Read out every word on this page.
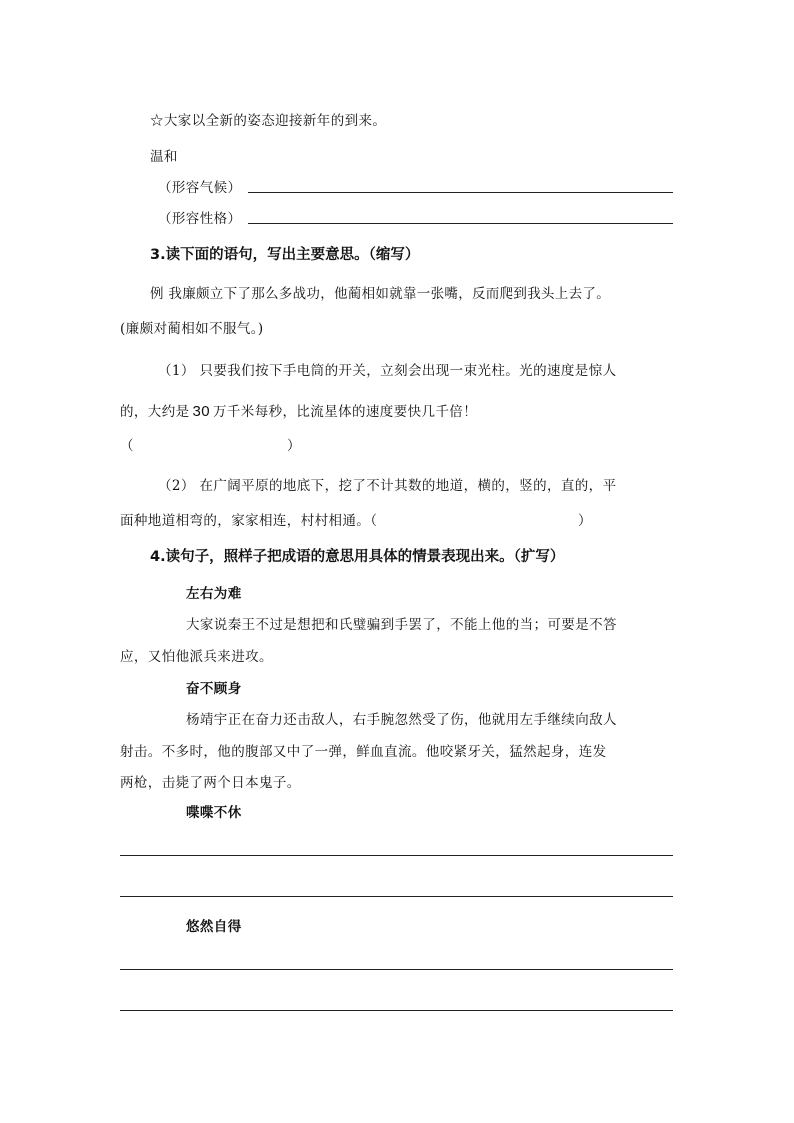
☆大家以全新的姿态迎接新年的到来。
温和
（形容气候）
（形容性格）
3.读下面的语句，写出主要意思。（缩写）
例 我廉颇立下了那么多战功，他蔺相如就靠一张嘴，反而爬到我头上去了。
(廉颇对蔺相如不服气。)
（1） 只要我们按下手电筒的开关，立刻会出现一束光柱。光的速度是惊人
的，大约是 30 万千米每秒，比流星体的速度要快几千倍！
（	）
（2） 在广阔平原的地底下，挖了不计其数的地道，横的，竖的，直的，平
面种地道相弯的，家家相连，村村相通。（	）
4.读句子，照样子把成语的意思用具体的情景表现出来。（扩写）
左右为难
大家说秦王不过是想把和氏璧骗到手罢了，不能上他的当；可要是不答
应，又怕他派兵来进攻。
奋不顾身
杨靖宇正在奋力还击敌人，右手腕忽然受了伤，他就用左手继续向敌人
射击。不多时，他的腹部又中了一弹，鲜血直流。他咬紧牙关，猛然起身，连发
两枪，击毙了两个日本鬼子。
喋喋不休
悠然自得
